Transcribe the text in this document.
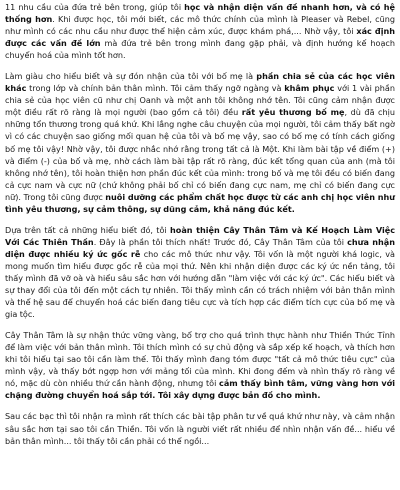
11 nhu cầu của đứa trẻ bên trong, giúp tôi học và nhận diện vấn đề nhanh hơn, và có hệ thống hơn. Khi được học, tôi mới biết, các mô thức chính của mình là Pleaser và Rebel, cũng như mình có các nhu cầu như được thể hiện cảm xúc, được khám phá,... Nhờ vậy, tôi xác định được các vấn đề lớn mà đứa trẻ bên trong mình đang gặp phải, và định hướng kế hoạch chuyển hoá của mình tốt hơn.

Làm giàu cho hiểu biết và sự đón nhận của tôi với bố mẹ là phần chia sẻ của các học viên khác trong lớp và chính bản thân mình. Tôi cảm thấy ngỡ ngàng và khâm phục với 1 vài phần chia sẻ của học viên cũ như chị Oanh và một anh tôi không nhớ tên. Tôi cũng cảm nhận được một điều rất rõ ràng là mọi người (bao gồm cả tôi) đều rất yêu thương bố mẹ, dù đã chịu những tổn thương trong quá khứ. Khi lắng nghe câu chuyện của mọi người, tôi cảm thấy bất ngờ vì có các chuyện sao giống mối quan hệ của tôi và bố mẹ vậy, sao có bố mẹ có tính cách giống bố mẹ tôi vậy! Nhờ vậy, tôi được nhắc nhớ rằng trong tất cả là Một. Khi làm bài tập về điểm (+) và điểm (-) của bố và mẹ, nhờ cách làm bài tập rất rõ ràng, đúc kết tổng quan của anh (mà tôi không nhớ tên), tôi hoàn thiện hơn phần đúc kết của mình: trong bố và mẹ tôi đều có biến đang cả cực nam và cực nữ (chứ không phải bố chỉ có biến đang cực nam, mẹ chỉ có biến đang cực nữ). Trong tôi cũng được nuôi dưỡng các phẩm chất học được từ các anh chị học viên như tình yêu thương, sự cảm thông, sự dũng cảm, khả năng đúc kết.

Dựa trên tất cả những hiểu biết đó, tôi hoàn thiện Cây Thân Tâm và Kế Hoạch Làm Việc Với Các Thiên Thần. Đây là phần tôi thích nhất! Trước đó, Cây Thân Tâm của tôi chưa nhận diện được nhiều ký ức gốc rễ cho các mô thức như vậy. Tôi vốn là một người khá logic, và mong muốn tìm hiểu được gốc rễ của mọi thứ. Nên khi nhận diện được các ký ức nền tảng, tôi thấy mình đã vỡ oà và hiểu sâu sắc hơn với hướng dẫn "làm việc với các ký ức". Các hiểu biết và sự thay đổi của tôi đến một cách tự nhiên. Tôi thấy mình cần có trách nhiệm với bản thân mình và thể hệ sau để chuyển hoá các biến đang tiêu cực và tích hợp các điểm tích cực của bố mẹ và gia tộc.

Cây Thân Tâm là sự nhận thức vững vàng, bổ trợ cho quá trình thực hành như Thiền Thức Tỉnh để làm việc với bản thân mình. Tôi thích mình có sự chủ động và sắp xếp kế hoạch, và thích hơn khi tôi hiểu tại sao tôi cần làm thế. Tôi thấy mình đang tóm được "tất cả mô thức tiêu cực" của mình vậy, và thấy bớt ngợp hơn với mảng tối của mình. Khi đong đếm và nhìn thấy rõ ràng về nó, mặc dù còn nhiều thứ cần hành động, nhưng tôi cảm thấy bình tâm, vững vàng hơn với chặng đường chuyển hoá sắp tới. Tôi xây dựng được bản đồ cho mình.

Sau các bạc thì tôi nhận ra mình rất thích các bài tập phân tư về quá khứ như này, và cảm nhận sâu sắc hơn tại sao tôi cần Thiền. Tôi vốn là người viết rất nhiều để nhìn nhận vấn đề... hiểu về bản thân mình... tôi thấy tôi cần phải có thể ngồi...
